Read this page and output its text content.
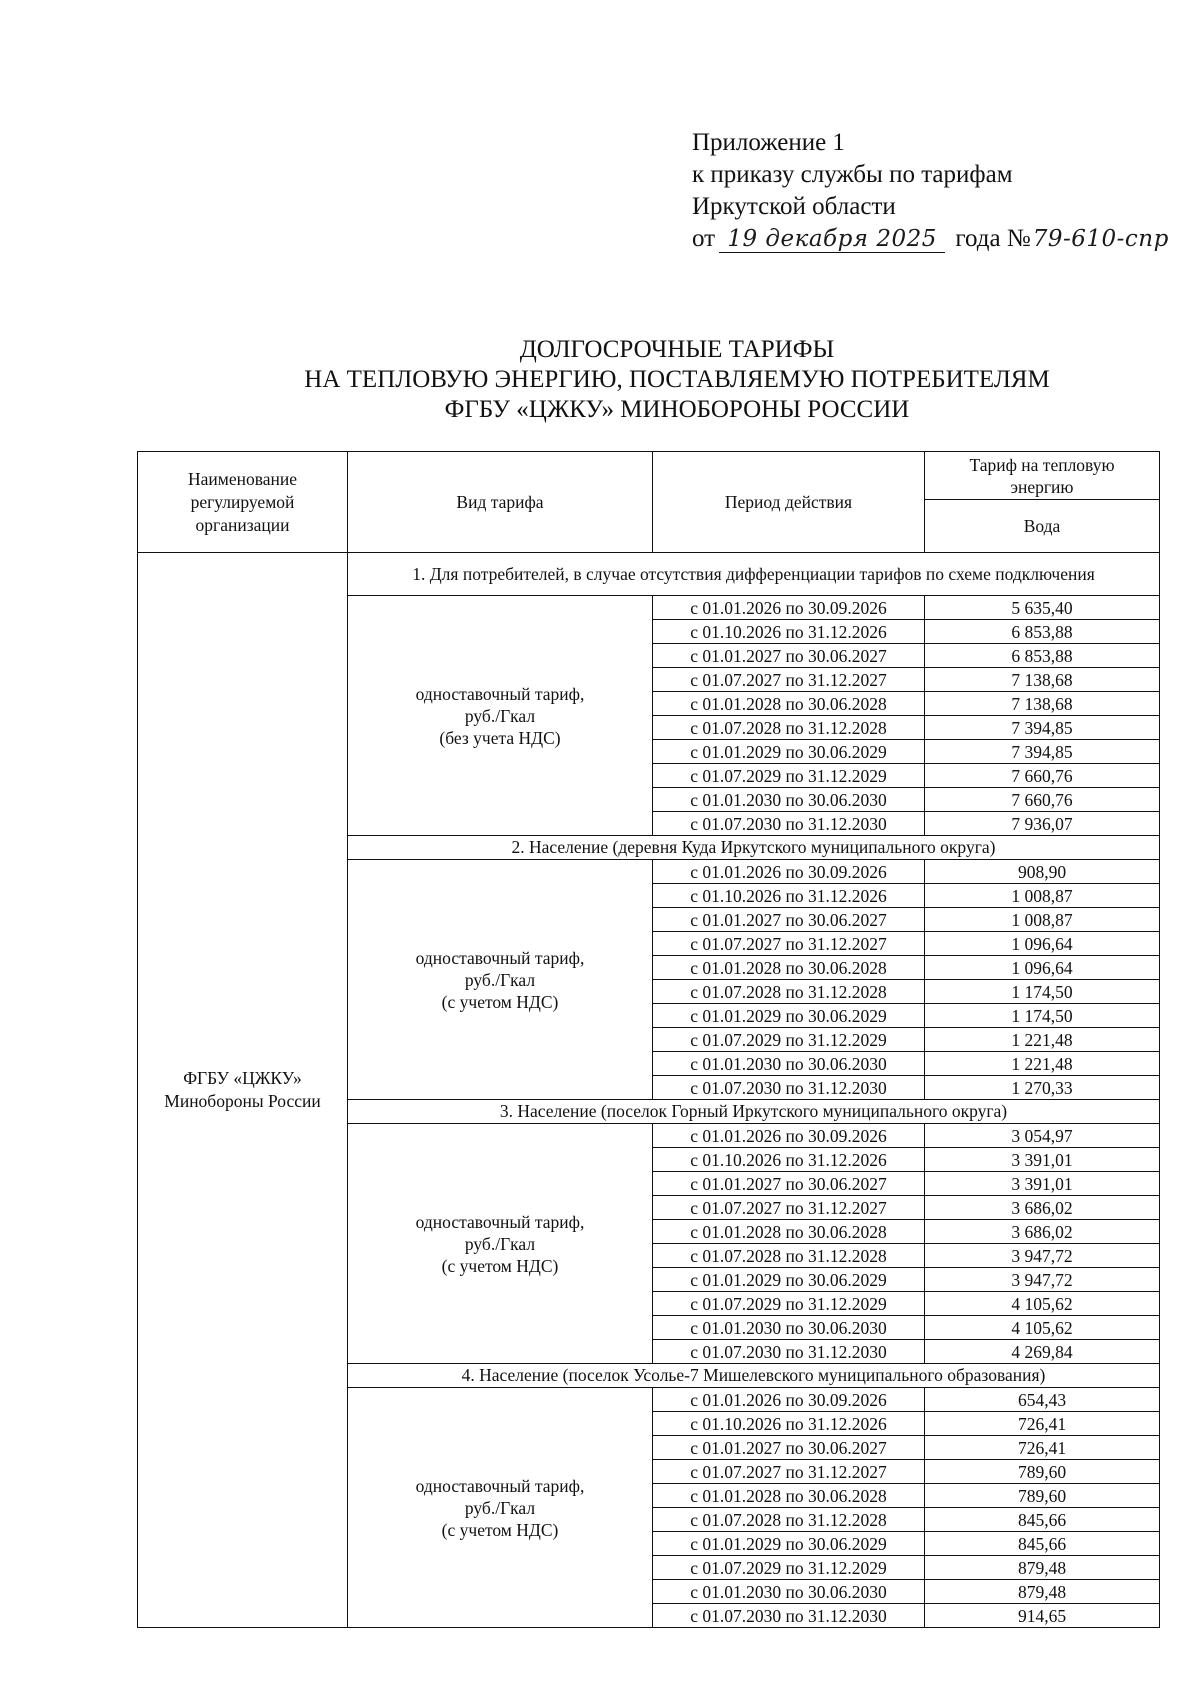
Приложение 1
к приказу службы по тарифам
Иркутской области
от 19 декабря 2025 года №79-610-спр
ДОЛГОСРОЧНЫЕ ТАРИФЫ
НА ТЕПЛОВУЮ ЭНЕРГИЮ, ПОСТАВЛЯЕМУЮ ПОТРЕБИТЕЛЯМ
ФГБУ «ЦЖКУ» МИНОБОРОНЫ РОССИИ
Наименование регулируемой организации	Вид тарифа	Период действия	Тариф на тепловую энергию
			Вода

ФГБУ «ЦЖКУ»
Минобороны России	1. Для потребителей, в случае отсутствия дифференциации тарифов по схеме подключения		

	одноставочный тариф,
руб./Гкал
(без учета НДС)	с 01.01.2026 по 30.09.2026	5 635,40
		с 01.10.2026 по 31.12.2026	6 853,88
		с 01.01.2027 по 30.06.2027	6 853,88
		с 01.07.2027 по 31.12.2027	7 138,68
		с 01.01.2028 по 30.06.2028	7 138,68
		с 01.07.2028 по 31.12.2028	7 394,85
		с 01.01.2029 по 30.06.2029	7 394,85
		с 01.07.2029 по 31.12.2029	7 660,76
		с 01.01.2030 по 30.06.2030	7 660,76
		с 01.07.2030 по 31.12.2030	7 936,07
	2. Население (деревня Куда Иркутского муниципального округа)		

	одноставочный тариф,
руб./Гкал
(с учетом НДС)	с 01.01.2026 по 30.09.2026	908,90
		с 01.10.2026 по 31.12.2026	1 008,87
		с 01.01.2027 по 30.06.2027	1 008,87
		с 01.07.2027 по 31.12.2027	1 096,64
		с 01.01.2028 по 30.06.2028	1 096,64
		с 01.07.2028 по 31.12.2028	1 174,50
		с 01.01.2029 по 30.06.2029	1 174,50
		с 01.07.2029 по 31.12.2029	1 221,48
		с 01.01.2030 по 30.06.2030	1 221,48
		с 01.07.2030 по 31.12.2030	1 270,33
	3. Население (поселок Горный Иркутского муниципального округа)		

	одноставочный тариф,
руб./Гкал
(с учетом НДС)	с 01.01.2026 по 30.09.2026	3 054,97
		с 01.10.2026 по 31.12.2026	3 391,01
		с 01.01.2027 по 30.06.2027	3 391,01
		с 01.07.2027 по 31.12.2027	3 686,02
		с 01.01.2028 по 30.06.2028	3 686,02
		с 01.07.2028 по 31.12.2028	3 947,72
		с 01.01.2029 по 30.06.2029	3 947,72
		с 01.07.2029 по 31.12.2029	4 105,62
		с 01.01.2030 по 30.06.2030	4 105,62
		с 01.07.2030 по 31.12.2030	4 269,84
	4. Население (поселок Усолье-7 Мишелевского муниципального образования)		

	одноставочный тариф,
руб./Гкал
(с учетом НДС)	с 01.01.2026 по 30.09.2026	654,43
		с 01.10.2026 по 31.12.2026	726,41
		с 01.01.2027 по 30.06.2027	726,41
		с 01.07.2027 по 31.12.2027	789,60
		с 01.01.2028 по 30.06.2028	789,60
		с 01.07.2028 по 31.12.2028	845,66
		с 01.01.2029 по 30.06.2029	845,66
		с 01.07.2029 по 31.12.2029	879,48
		с 01.01.2030 по 30.06.2030	879,48
		с 01.07.2030 по 31.12.2030	914,65
